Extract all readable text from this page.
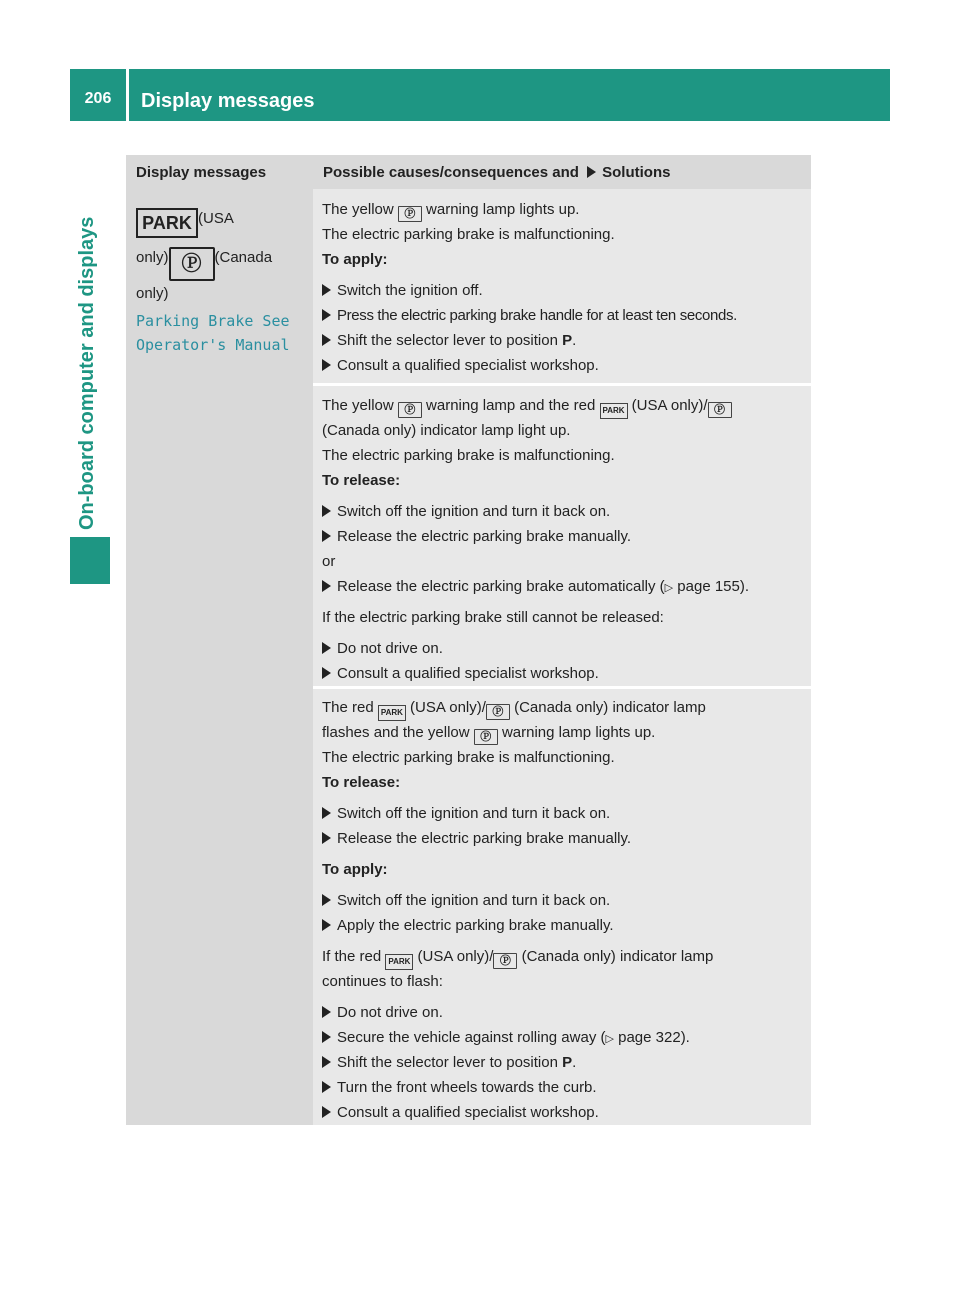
206	Display messages
On-board computer and displays
Display messages	Possible causes/consequences and Solutions
PARK (USA
only) Ⓟ (Canada
only)
Parking Brake See
Operator's Manual
The yellow Ⓟ warning lamp lights up.
The electric parking brake is malfunctioning.
To apply:
Switch the ignition off.
Press the electric parking brake handle for at least ten seconds.
Shift the selector lever to position P.
Consult a qualified specialist workshop.
The yellow Ⓟ warning lamp and the red PARK (USA only)/ Ⓟ
(Canada only) indicator lamp light up.
The electric parking brake is malfunctioning.
To release:
Switch off the ignition and turn it back on.
Release the electric parking brake manually.
or
Release the electric parking brake automatically (▷ page 155).
If the electric parking brake still cannot be released:
Do not drive on.
Consult a qualified specialist workshop.
The red PARK (USA only)/ Ⓟ (Canada only) indicator lamp
flashes and the yellow Ⓟ warning lamp lights up.
The electric parking brake is malfunctioning.
To release:
Switch off the ignition and turn it back on.
Release the electric parking brake manually.
To apply:
Switch off the ignition and turn it back on.
Apply the electric parking brake manually.
If the red PARK (USA only)/ Ⓟ (Canada only) indicator lamp
continues to flash:
Do not drive on.
Secure the vehicle against rolling away (▷ page 322).
Shift the selector lever to position P.
Turn the front wheels towards the curb.
Consult a qualified specialist workshop.
